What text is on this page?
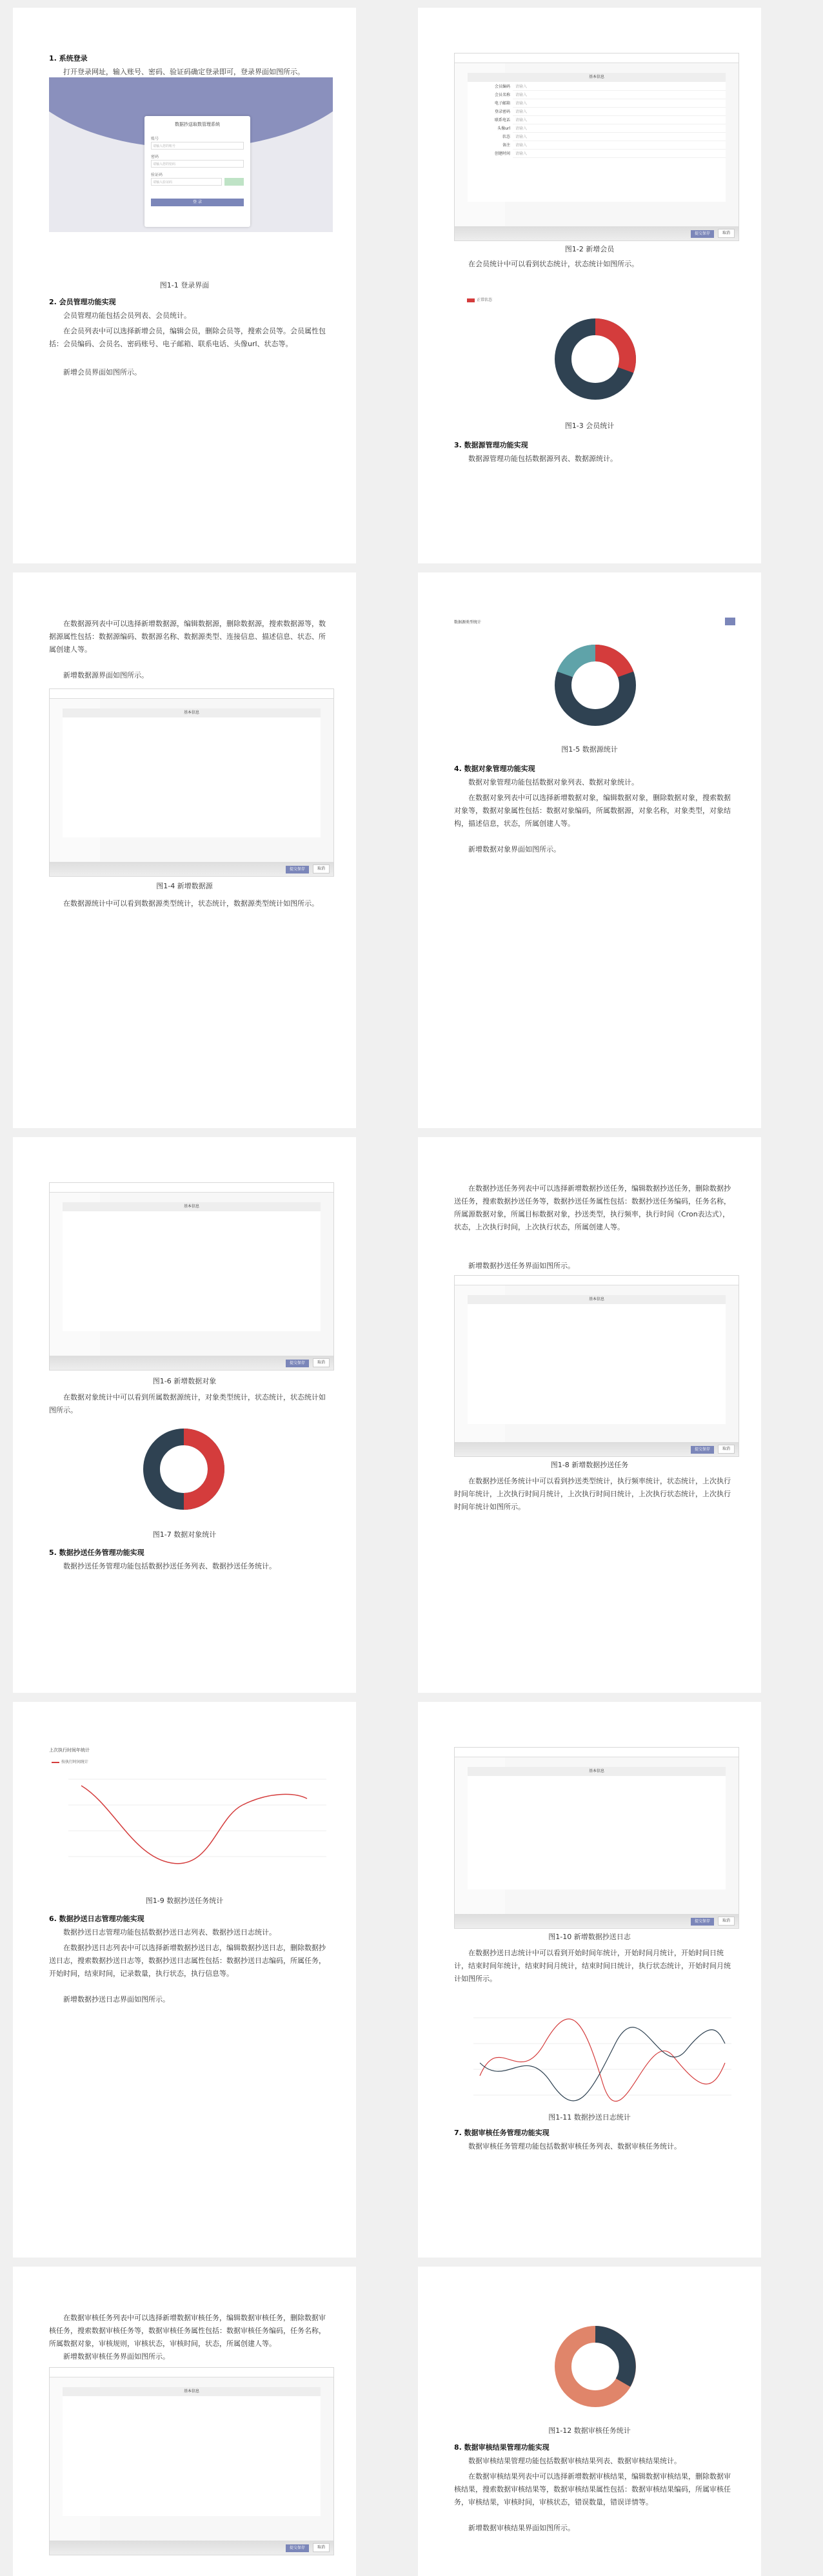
1. 系统登录
打开登录网址，输入账号、密码、验证码确定登录即可，登录界面如图所示。
数据抄送取数管理系统
账号
请输入您的账号
密码
请输入您的密码
验证码
请输入验证码
登 录
图1-1 登录界面
2. 会员管理功能实现
会员管理功能包括会员列表、会员统计。
在会员列表中可以选择新增会员，编辑会员，删除会员等，搜索会员等。会员属性包括：会员编码、会员名、密码账号、电子邮箱、联系电话、头像url、状态等。
新增会员界面如图所示。
基本信息
会员编码 请输入
会员名称 请输入
电子邮箱 请输入
登录密码 请输入
联系电话 请输入
头像url 请输入
状态 请输入
备注 请输入
创建时间 请输入
提交保存	取消
图1-2 新增会员
在会员统计中可以看到状态统计，状态统计如图所示。
正常状态
图1-3 会员统计
3. 数据源管理功能实现
数据源管理功能包括数据源列表、数据源统计。
在数据源列表中可以选择新增数据源，编辑数据源，删除数据源，搜索数据源等，数据源属性包括：数据源编码、数据源名称、数据源类型、连接信息、描述信息、状态、所属创建人等。
新增数据源界面如图所示。
基本信息
提交保存	取消
图1-4 新增数据源
在数据源统计中可以看到数据源类型统计，状态统计，数据源类型统计如图所示。
数据源类型统计
图1-5 数据源统计
4. 数据对象管理功能实现
数据对象管理功能包括数据对象列表、数据对象统计。
在数据对象列表中可以选择新增数据对象，编辑数据对象，删除数据对象，搜索数据对象等，数据对象属性包括：数据对象编码，所属数据源，对象名称，对象类型，对象结构，描述信息，状态，所属创建人等。
新增数据对象界面如图所示。
基本信息
提交保存	取消
图1-6 新增数据对象
在数据对象统计中可以看到所属数据源统计，对象类型统计，状态统计，状态统计如图所示。
图1-7 数据对象统计
5. 数据抄送任务管理功能实现
数据抄送任务管理功能包括数据抄送任务列表、数据抄送任务统计。
在数据抄送任务列表中可以选择新增数据抄送任务，编辑数据抄送任务，删除数据抄送任务，搜索数据抄送任务等，数据抄送任务属性包括：数据抄送任务编码，任务名称，所属源数据对象，所属目标数据对象，抄送类型，执行频率，执行时间（Cron表达式），状态，上次执行时间，上次执行状态，所属创建人等。
新增数据抄送任务界面如图所示。
基本信息
提交保存	取消
图1-8 新增数据抄送任务
在数据抄送任务统计中可以看到抄送类型统计，执行频率统计，状态统计，上次执行时间年统计，上次执行时间月统计，上次执行时间日统计，上次执行状态统计，上次执行时间年统计如图所示。
上次执行时间年统计
按执行时间统计
图1-9 数据抄送任务统计
6. 数据抄送日志管理功能实现
数据抄送日志管理功能包括数据抄送日志列表、数据抄送日志统计。
在数据抄送日志列表中可以选择新增数据抄送日志，编辑数据抄送日志，删除数据抄送日志，搜索数据抄送日志等，数据抄送日志属性包括：数据抄送日志编码，所属任务，开始时间，结束时间，记录数量，执行状态，执行信息等。
新增数据抄送日志界面如图所示。
基本信息
提交保存	取消
图1-10 新增数据抄送日志
在数据抄送日志统计中可以看到开始时间年统计，开始时间月统计，开始时间日统计，结束时间年统计，结束时间月统计，结束时间日统计，执行状态统计，开始时间月统计如图所示。
图1-11 数据抄送日志统计
7. 数据审核任务管理功能实现
数据审核任务管理功能包括数据审核任务列表、数据审核任务统计。
在数据审核任务列表中可以选择新增数据审核任务，编辑数据审核任务，删除数据审核任务，搜索数据审核任务等，数据审核任务属性包括：数据审核任务编码，任务名称，所属数据对象，审核规则，审核状态，审核时间，状态，所属创建人等。
新增数据审核任务界面如图所示。
基本信息
提交保存	取消
图1-12 数据审核任务统计
8. 数据审核结果管理功能实现
数据审核结果管理功能包括数据审核结果列表、数据审核结果统计。
在数据审核结果列表中可以选择新增数据审核结果，编辑数据审核结果，删除数据审核结果，搜索数据审核结果等，数据审核结果属性包括：数据审核结果编码，所属审核任务，审核结果，审核时间，审核状态，错误数量，错误详情等。
新增数据审核结果界面如图所示。
